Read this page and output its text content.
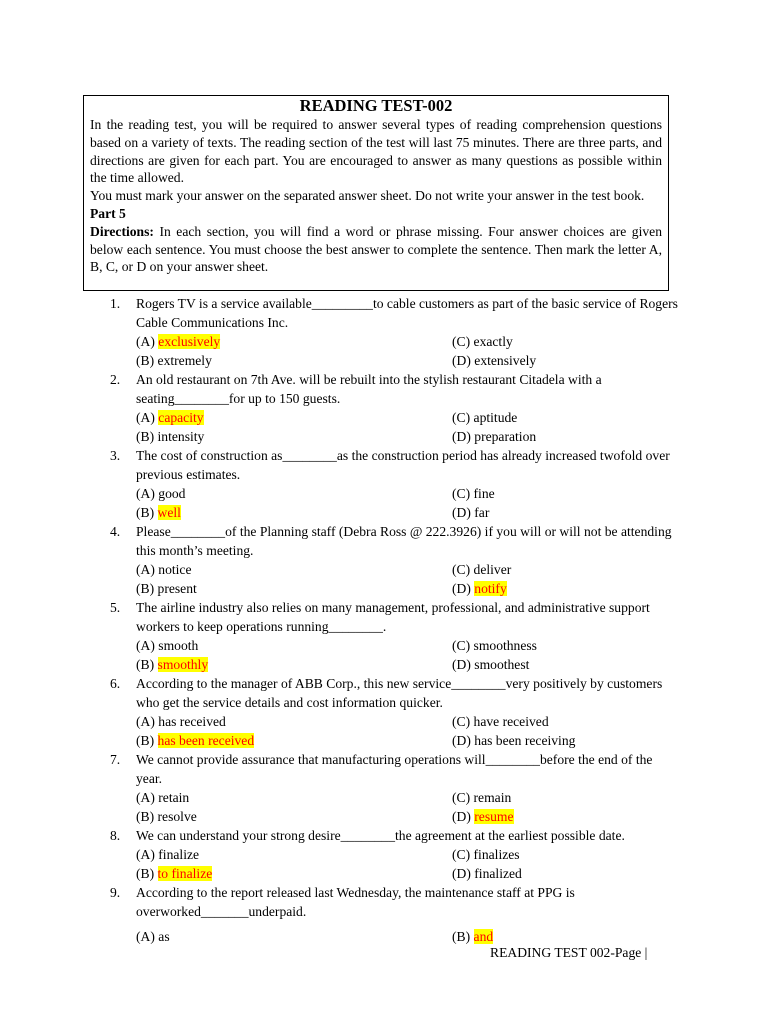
READING TEST-002

In the reading test, you will be required to answer several types of reading comprehension questions based on a variety of texts. The reading section of the test will last 75 minutes. There are three parts, and directions are given for each part. You are encouraged to answer as many questions as possible within the time allowed.

You must mark your answer on the separated answer sheet. Do not write your answer in the test book.

Part 5

Directions: In each section, you will find a word or phrase missing. Four answer choices are given below each sentence. You must choose the best answer to complete the sentence. Then mark the letter A, B, C, or D on your answer sheet.

1. Rogers TV is a service available_________to cable customers as part of the basic service of Rogers Cable Communications Inc.
(A) exclusively
(B) extremely
(C) exactly
(D) extensively
2. An old restaurant on 7th Ave. will be rebuilt into the stylish restaurant Citadela with a seating________for up to 150 guests.
(A) capacity
(B) intensity
(C) aptitude
(D) preparation
3. The cost of construction as________as the construction period has already increased twofold over previous estimates.
(A) good
(B) well
(C) fine
(D) far
4. Please________of the Planning staff (Debra Ross @ 222.3926) if you will or will not be attending this month’s meeting.
(A) notice
(B) present
(C) deliver
(D) notify
5. The airline industry also relies on many management, professional, and administrative support workers to keep operations running________.
(A) smooth
(B) smoothly
(C) smoothness
(D) smoothest
6. According to the manager of ABB Corp., this new service________very positively by customers who get the service details and cost information quicker.
(A) has received
(B) has been received
(C) have received
(D) has been receiving
7. We cannot provide assurance that manufacturing operations will________before the end of the year.
(A) retain
(B) resolve
(C) remain
(D) resume
8. We can understand your strong desire________the agreement at the earliest possible date.
(A) finalize
(B) to finalize
(C) finalizes
(D) finalized
9. According to the report released last Wednesday, the maintenance staff at PPG is overworked_______underpaid.
(A) as	(B) and
READING TEST 002-Page |
